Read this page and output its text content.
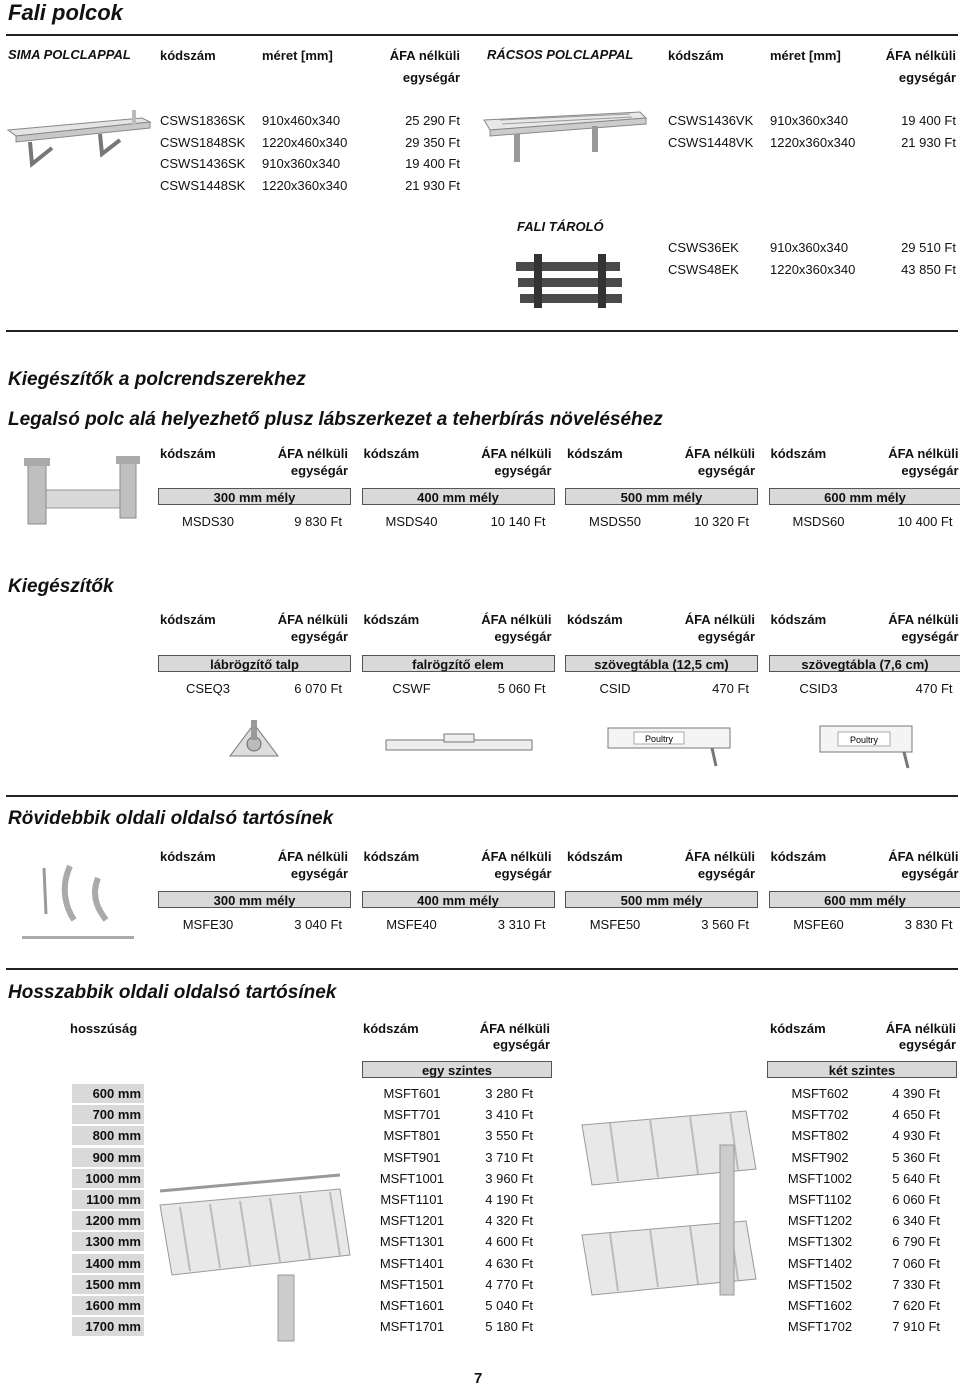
Fali polcok
SIMA POLCLAPPAL kódszám	méret [mm]	ÁFA nélküli
egységár
RÁCSOS POLCLAPPAL	kódszám	méret [mm]	ÁFA nélküli
egységár
CSWS1836SK 910x460x340	25 290 Ft
CSWS1848SK 1220x460x340	29 350 Ft
CSWS1436SK 910x360x340	19 400 Ft
CSWS1448SK 1220x360x340	21 930 Ft
CSWS1436VK 910x360x340	19 400 Ft
CSWS1448VK 1220x360x340	21 930 Ft
FALI TÁROLÓ
CSWS36EK 910x360x340	29 510 Ft
CSWS48EK 1220x360x340	43 850 Ft
Kiegészítők a polcrendszerekhez
Legalsó polc alá helyezhető plusz lábszerkezet a teherbírás növeléséhez
kódszám	ÁFA nélküli
egységár
300 mm mély
MSDS30	9 830 Ft
kódszám	ÁFA nélküli
egységár
400 mm mély
MSDS40	10 140 Ft
kódszám	ÁFA nélküli
egységár
500 mm mély
MSDS50	10 320 Ft
kódszám	ÁFA nélküli
egységár
600 mm mély
MSDS60	10 400 Ft
Kiegészítők
kódszám	ÁFA nélküli
egységár
lábrögzítő talp
CSEQ3	6 070 Ft
kódszám	ÁFA nélküli
egységár
falrögzítő elem
CSWF	5 060 Ft
kódszám	ÁFA nélküli
egységár
szövegtábla (12,5 cm)
CSID	470 Ft
kódszám	ÁFA nélküli
egységár
szövegtábla (7,6 cm)
CSID3	470 Ft
Poultry	Poultry
Rövidebbik oldali oldalsó tartósínek
kódszám	ÁFA nélküli
egységár
300 mm mély
MSFE30	3 040 Ft
kódszám	ÁFA nélküli
egységár
400 mm mély
MSFE40	3 310 Ft
kódszám	ÁFA nélküli
egységár
500 mm mély
MSFE50	3 560 Ft
kódszám	ÁFA nélküli
egységár
600 mm mély
MSFE60	3 830 Ft
Hosszabbik oldali oldalsó tartósínek
hosszúság	kódszám	ÁFA nélküli
egységár
kódszám	ÁFA nélküli
egységár
egy szintes	két szintes
600 mm	MSFT601	3 280 Ft	MSFT602	4 390 Ft
700 mm	MSFT701	3 410 Ft	MSFT702	4 650 Ft
800 mm	MSFT801	3 550 Ft	MSFT802	4 930 Ft
900 mm	MSFT901	3 710 Ft	MSFT902	5 360 Ft
1000 mm	MSFT1001	3 960 Ft	MSFT1002	5 640 Ft
1100 mm	MSFT1101	4 190 Ft	MSFT1102	6 060 Ft
1200 mm	MSFT1201	4 320 Ft	MSFT1202	6 340 Ft
1300 mm	MSFT1301	4 600 Ft	MSFT1302	6 790 Ft
1400 mm	MSFT1401	4 630 Ft	MSFT1402	7 060 Ft
1500 mm	MSFT1501	4 770 Ft	MSFT1502	7 330 Ft
1600 mm	MSFT1601	5 040 Ft	MSFT1602	7 620 Ft
1700 mm	MSFT1701	5 180 Ft	MSFT1702	7 910 Ft
7
